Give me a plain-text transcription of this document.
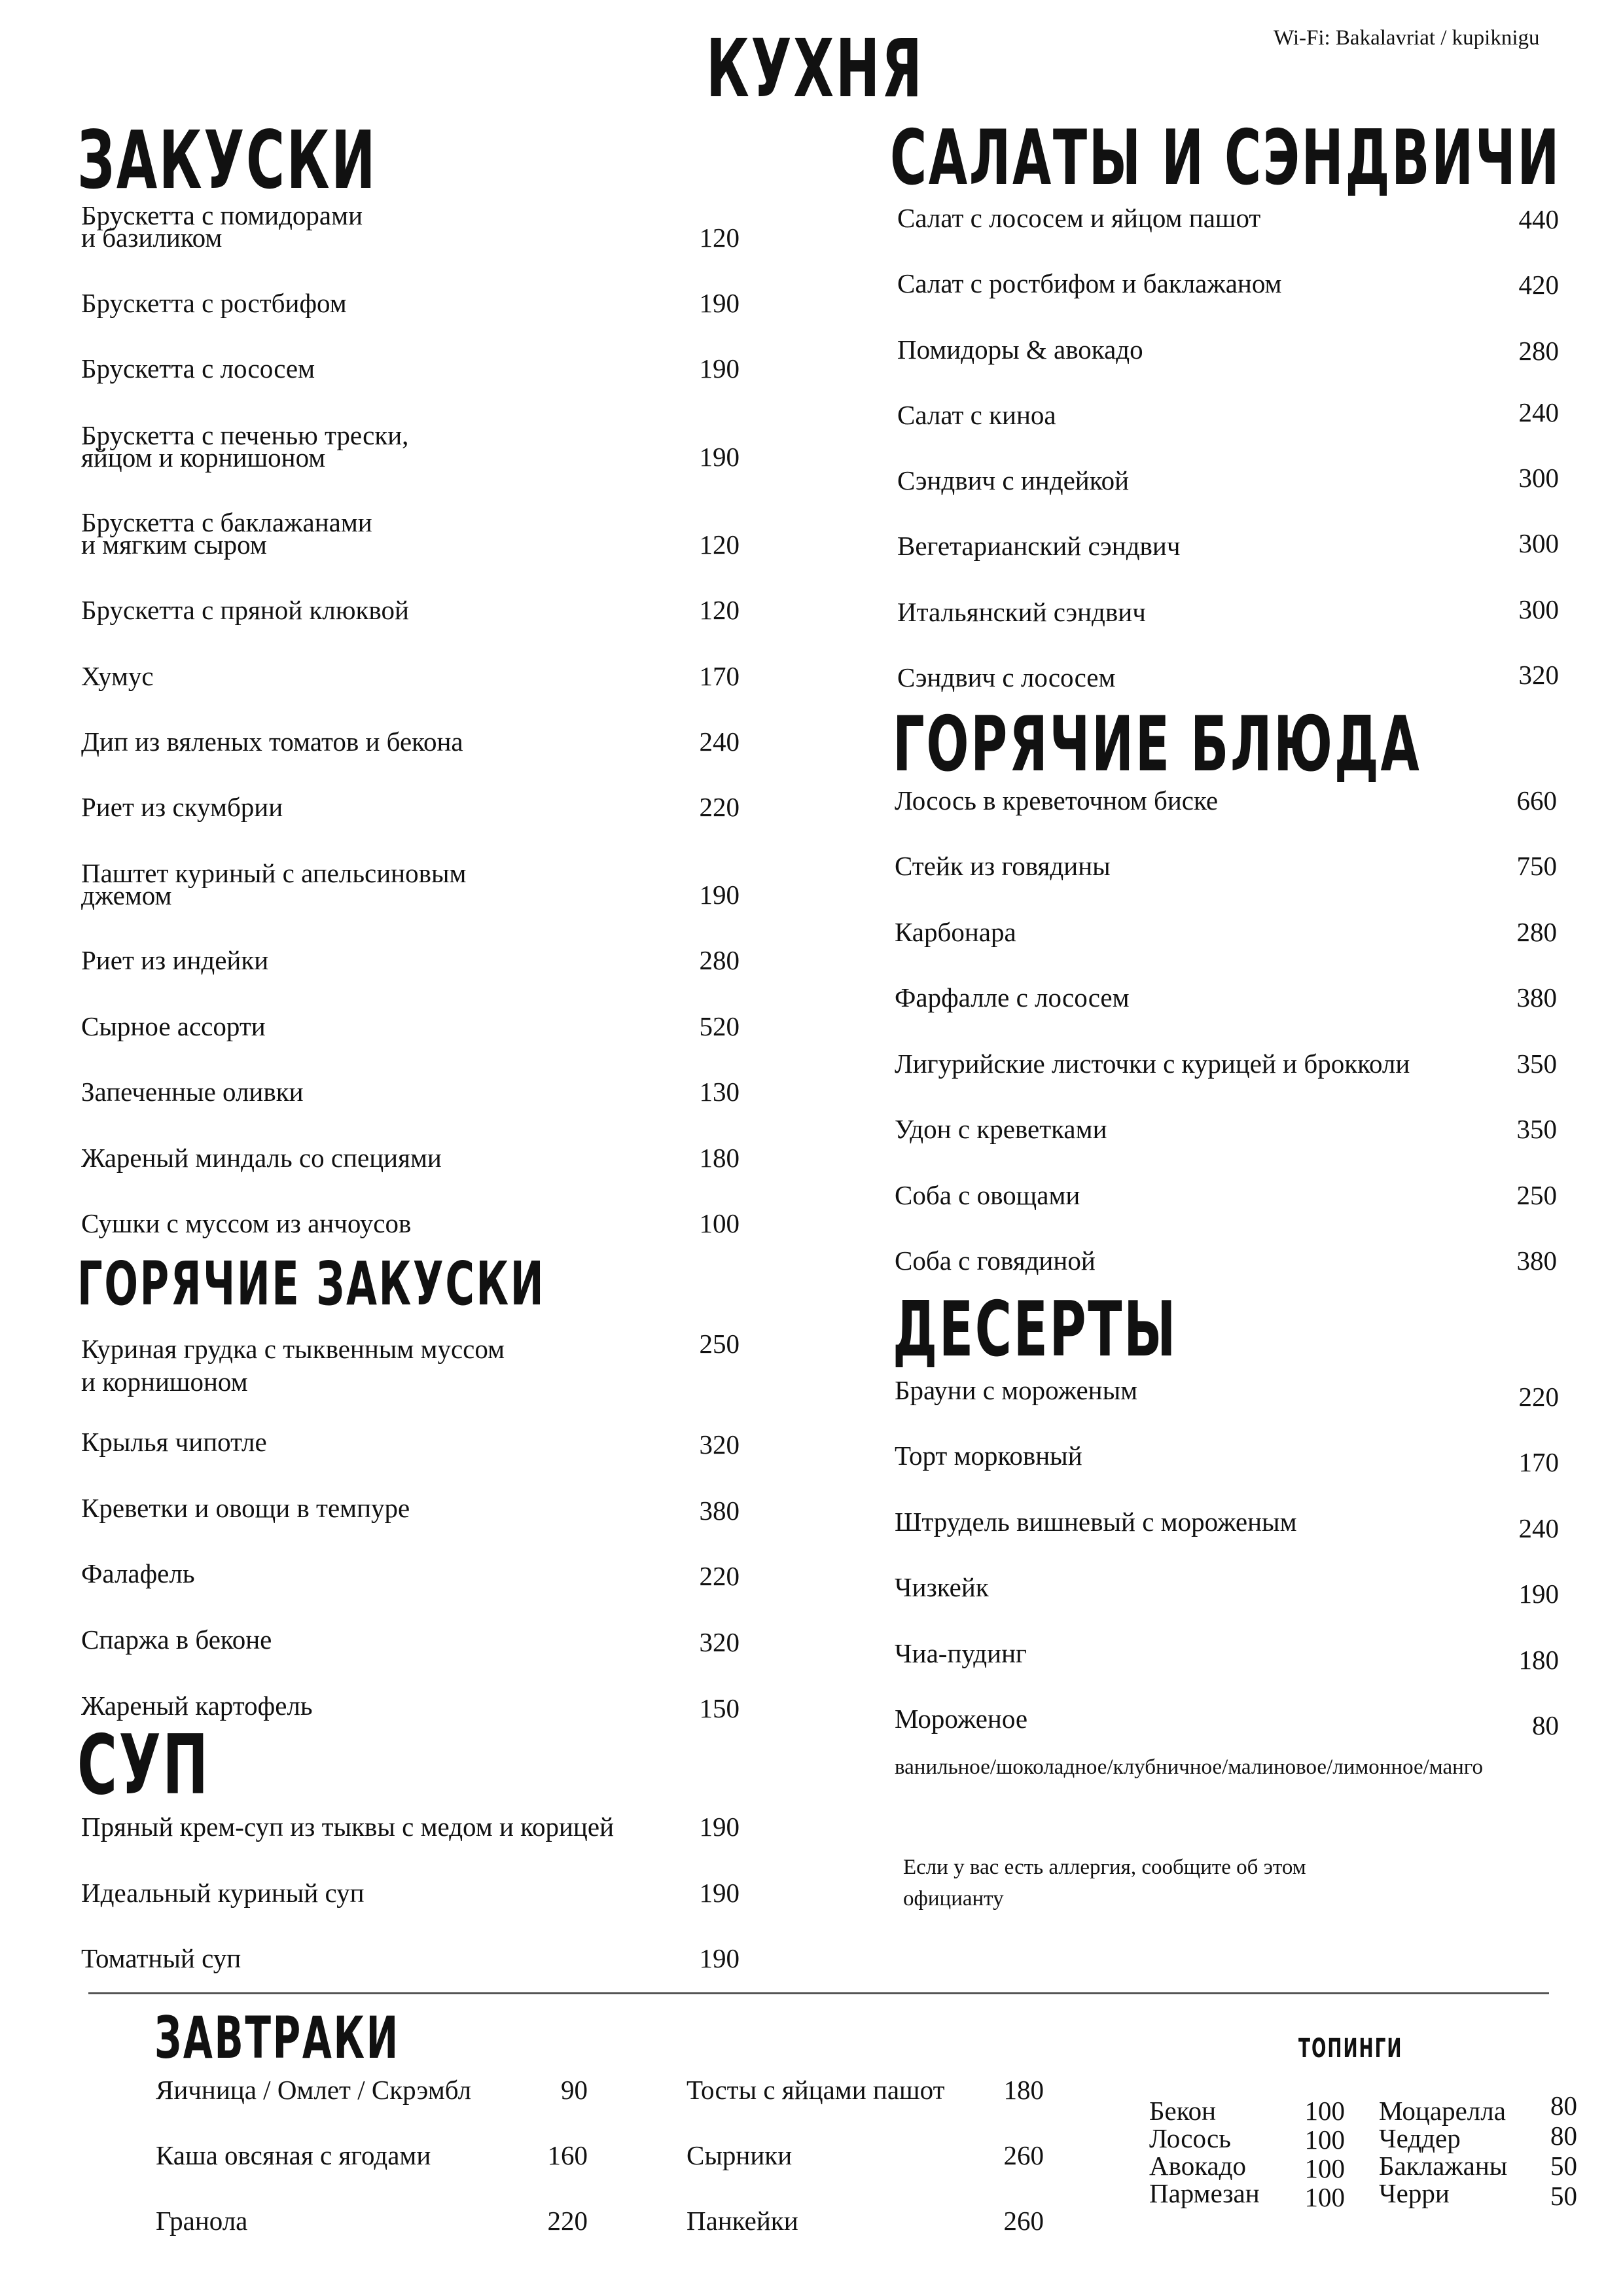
КУХНЯ	Wi-Fi: Bakalavriat / kupiknigu
ЗАКУСКИ
ГОРЯЧИЕ ЗАКУСКИ
СУП
САЛАТЫ И СЭНДВИЧИ
ГОРЯЧИЕ БЛЮДА
ДЕСЕРТЫ
ЗАВТРАКИ	ТОПИНГИ
Брускетта с помидорами
и базиликом	120
Брускетта с ростбифом	190
Брускетта с лососем	190
Брускетта с печенью трески,
яйцом и корнишоном	190
Брускетта с баклажанами
и мягким сыром	120
Брускетта с пряной клюквой	120
Хумус	170
Дип из вяленых томатов и бекона	240
Риет из скумбрии	220
Паштет куриный с апельсиновым
джемом	190
Риет из индейки	280
Сырное ассорти	520
Запеченные оливки	130
Жареный миндаль со специями	180
Сушки с муссом из анчоусов	100
Куриная грудка с тыквенным муссом
и корнишоном
250
Крылья чипотле	320
Креветки и овощи в темпуре	380
Фалафель	220
Спаржа в беконе	320
Жареный картофель	150
Пряный крем-суп из тыквы с медом и корицей	190
Идеальный куриный суп	190
Томатный суп	190
Салат с лососем и яйцом пашот	440
Салат с ростбифом и баклажаном	420
Помидоры & авокадо	280
Салат с киноа	240
Сэндвич с индейкой	300
Вегетарианский сэндвич	300
Итальянский сэндвич	300
Сэндвич с лососем	320
Лосось в креветочном биске	660
Стейк из говядины	750
Карбонара	280
Фарфалле с лососем	380
Лигурийские листочки с курицей и брокколи	350
Удон с креветками	350
Соба с овощами	250
Соба с говядиной	380
Брауни с мороженым	220
Торт морковный	170
Штрудель вишневый с мороженым	240
Чизкейк	190
Чиа-пудинг	180
Мороженое	80
ванильное/шоколадное/клубничное/малиновое/лимонное/манго
Если у вас есть аллергия, сообщите об этом
официанту
Яичница / Омлет / Скрэмбл	90
Каша овсяная с ягодами	160
Гранола	220
Тосты с яйцами пашот 180
Сырники	260
Панкейки	260
Бекон	100
Лосось	100
Авокадо 100
Пармезан 100
Моцарелла 80
Чеддер	80
Баклажаны 50
Черри	50
